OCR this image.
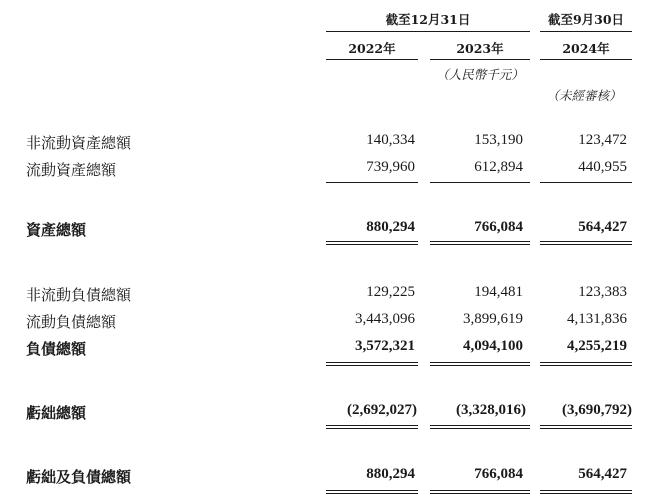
截至12月31日	截至9月30日
2022年	2023年	2024年
（人民幣千元）
（未經審核）
非流動資產總額	140,334	153,190	123,472
流動資產總額	739,960	612,894	440,955
資產總額	880,294	766,084	564,427
非流動負債總額	129,225	194,481	123,383
流動負債總額	3,443,096	3,899,619	4,131,836
負債總額	3,572,321	4,094,100	4,255,219
虧絀總額	(2,692,027)	(3,328,016) (3,690,792)
虧絀及負債總額	880,294	766,084	564,427
